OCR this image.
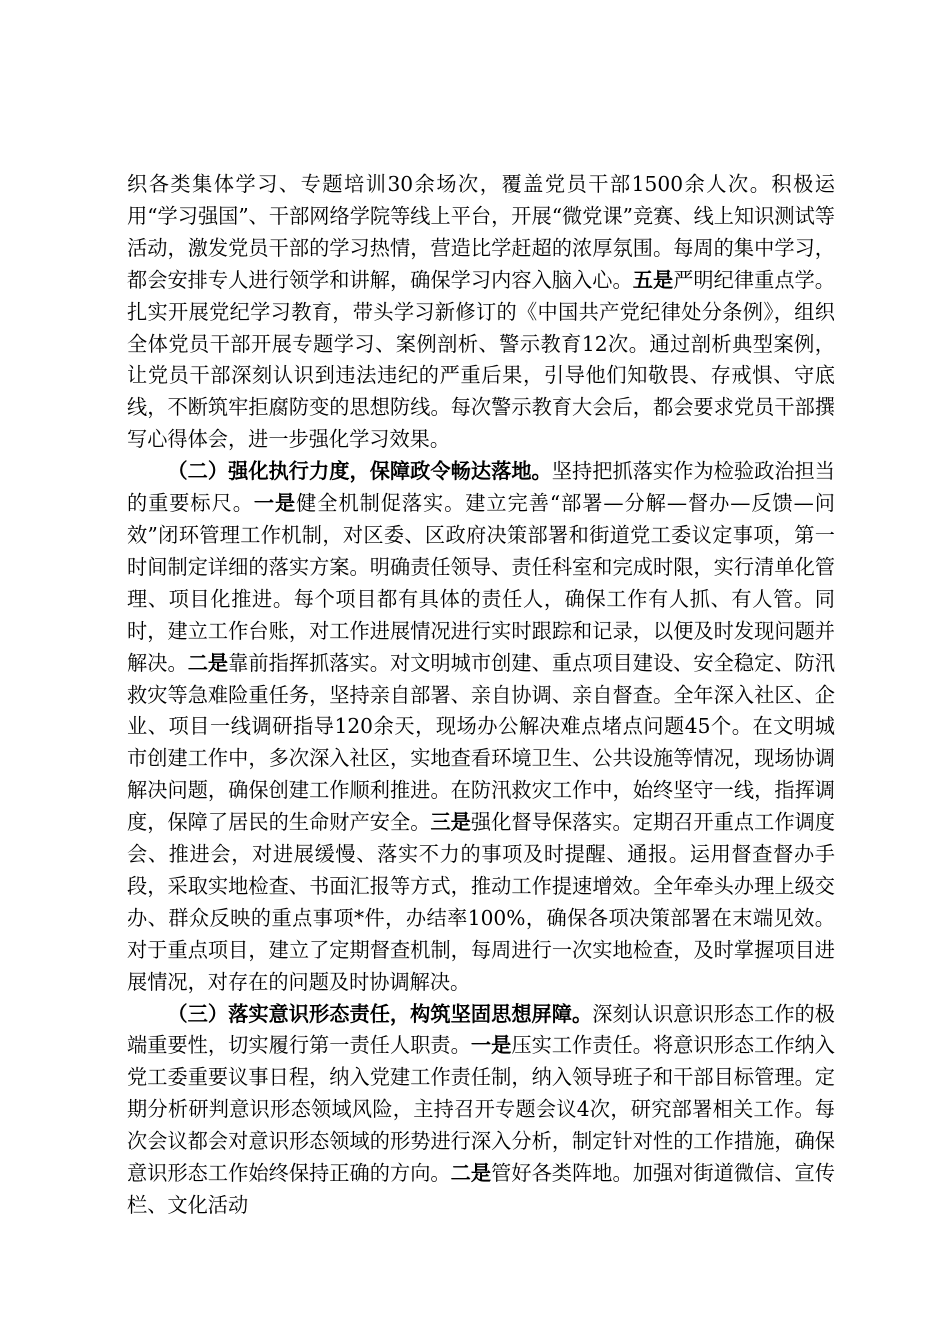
织各类集体学习、专题培训30余场次，覆盖党员干部1500余人次。积极运用“学习强国”、干部网络学院等线上平台，开展“微党课”竞赛、线上知识测试等活动，激发党员干部的学习热情，营造比学赶超的浓厚氛围。每周的集中学习，都会安排专人进行领学和讲解，确保学习内容入脑入心。五是严明纪律重点学。扎实开展党纪学习教育，带头学习新修订的《中国共产党纪律处分条例》，组织全体党员干部开展专题学习、案例剖析、警示教育12次。通过剖析典型案例，让党员干部深刻认识到违法违纪的严重后果，引导他们知敬畏、存戒惧、守底线，不断筑牢拒腐防变的思想防线。每次警示教育大会后，都会要求党员干部撰写心得体会，进一步强化学习效果。

（二）强化执行力度，保障政令畅达落地。坚持把抓落实作为检验政治担当的重要标尺。一是健全机制促落实。建立完善“部署—分解—督办—反馈—问效”闭环管理工作机制，对区委、区政府决策部署和街道党工委议定事项，第一时间制定详细的落实方案。明确责任领导、责任科室和完成时限，实行清单化管理、项目化推进。每个项目都有具体的责任人，确保工作有人抓、有人管。同时，建立工作台账，对工作进展情况进行实时跟踪和记录，以便及时发现问题并解决。二是靠前指挥抓落实。对文明城市创建、重点项目建设、安全稳定、防汛救灾等急难险重任务，坚持亲自部署、亲自协调、亲自督查。全年深入社区、企业、项目一线调研指导120余天，现场办公解决难点堵点问题45个。在文明城市创建工作中，多次深入社区，实地查看环境卫生、公共设施等情况，现场协调解决问题，确保创建工作顺利推进。在防汛救灾工作中，始终坚守一线，指挥调度，保障了居民的生命财产安全。三是强化督导保落实。定期召开重点工作调度会、推进会，对进展缓慢、落实不力的事项及时提醒、通报。运用督查督办手段，采取实地检查、书面汇报等方式，推动工作提速增效。全年牵头办理上级交办、群众反映的重点事项*件，办结率100%，确保各项决策部署在末端见效。对于重点项目，建立了定期督查机制，每周进行一次实地检查，及时掌握项目进展情况，对存在的问题及时协调解决。

（三）落实意识形态责任，构筑坚固思想屏障。深刻认识意识形态工作的极端重要性，切实履行第一责任人职责。一是压实工作责任。将意识形态工作纳入党工委重要议事日程，纳入党建工作责任制，纳入领导班子和干部目标管理。定期分析研判意识形态领域风险，主持召开专题会议4次，研究部署相关工作。每次会议都会对意识形态领域的形势进行深入分析，制定针对性的工作措施，确保意识形态工作始终保持正确的方向。二是管好各类阵地。加强对街道微信、宣传栏、文化活动
